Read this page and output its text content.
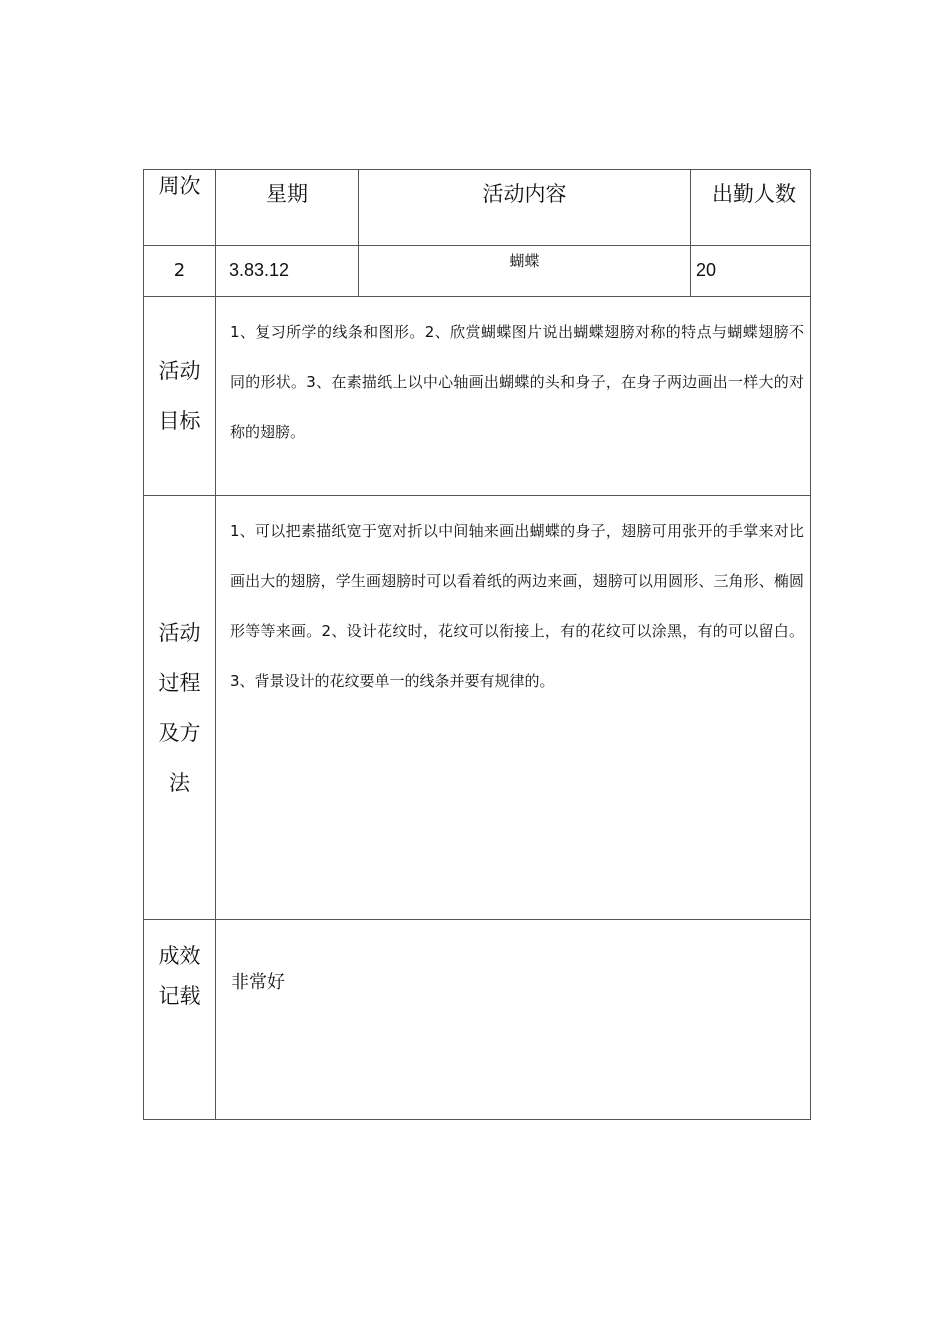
周次	星期	活动内容	出勤人数
2	3.83.12	蝴蝶	20

活动
目标	1、复习所学的线条和图形。2、欣赏蝴蝶图片说出蝴蝶翅膀对称的特点与蝴蝶翅膀不同的形状。3、在素描纸上以中心轴画出蝴蝶的头和身子，在身子两边画出一样大的对称的翅膀。		

活动
过程
及方
法	1、可以把素描纸宽于宽对折以中间轴来画出蝴蝶的身子，翅膀可用张开的手掌来对比画出大的翅膀，学生画翅膀时可以看着纸的两边来画，翅膀可以用圆形、三角形、椭圆形等等来画。2、设计花纹时，花纹可以衔接上，有的花纹可以涂黑，有的可以留白。3、背景设计的花纹要单一的线条并要有规律的。		

成效
记载	非常好		
